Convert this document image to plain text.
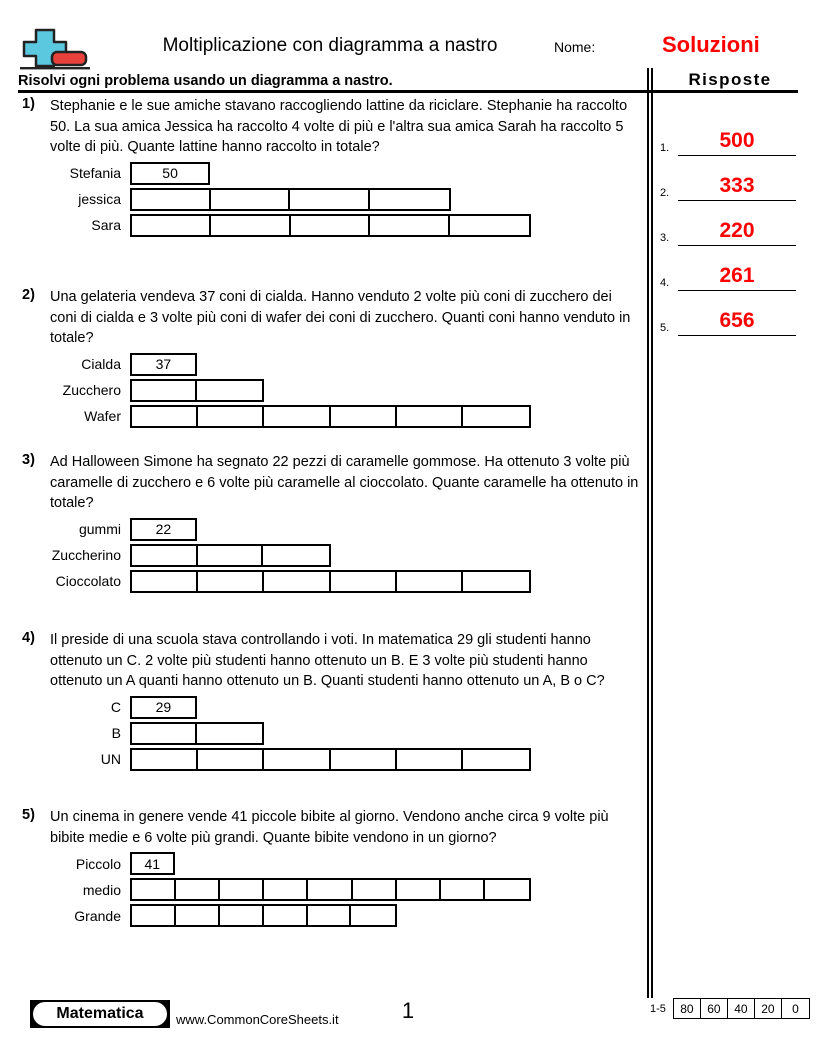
Moltiplicazione con diagramma a nastro	Nome:	Soluzioni
Risolvi ogni problema usando un diagramma a nastro.	Risposte
1.	500
2.	333
3.	220
4.	261
5.	656
1) Stephanie e le sue amiche stavano raccogliendo lattine da riciclare. Stephanie ha raccolto 50. La sua amica Jessica ha raccolto 4 volte di più e l'altra sua amica Sarah ha raccolto 5 volte di più. Quante lattine hanno raccolto in totale?
Stefania	50
jessica
Sara
2) Una gelateria vendeva 37 coni di cialda. Hanno venduto 2 volte più coni di zucchero dei coni di cialda e 3 volte più coni di wafer dei coni di zucchero. Quanti coni hanno venduto in totale?
Cialda	37
Zucchero
Wafer
3) Ad Halloween Simone ha segnato 22 pezzi di caramelle gommose. Ha ottenuto 3 volte più caramelle di zucchero e 6 volte più caramelle al cioccolato. Quante caramelle ha ottenuto in totale?
gummi	22
Zuccherino
Cioccolato
4) Il preside di una scuola stava controllando i voti. In matematica 29 gli studenti hanno ottenuto un C. 2 volte più studenti hanno ottenuto un B. E 3 volte più studenti hanno ottenuto un A quanti hanno ottenuto un B. Quanti studenti hanno ottenuto un A, B o C?
C	29
B
UN
5) Un cinema in genere vende 41 piccole bibite al giorno. Vendono anche circa 9 volte più bibite medie e 6 volte più grandi. Quante bibite vendono in un giorno?
Piccolo	41
medio
Grande
1
Matematica	www.CommonCoreSheets.it
1-5	80	60	40	20	0
